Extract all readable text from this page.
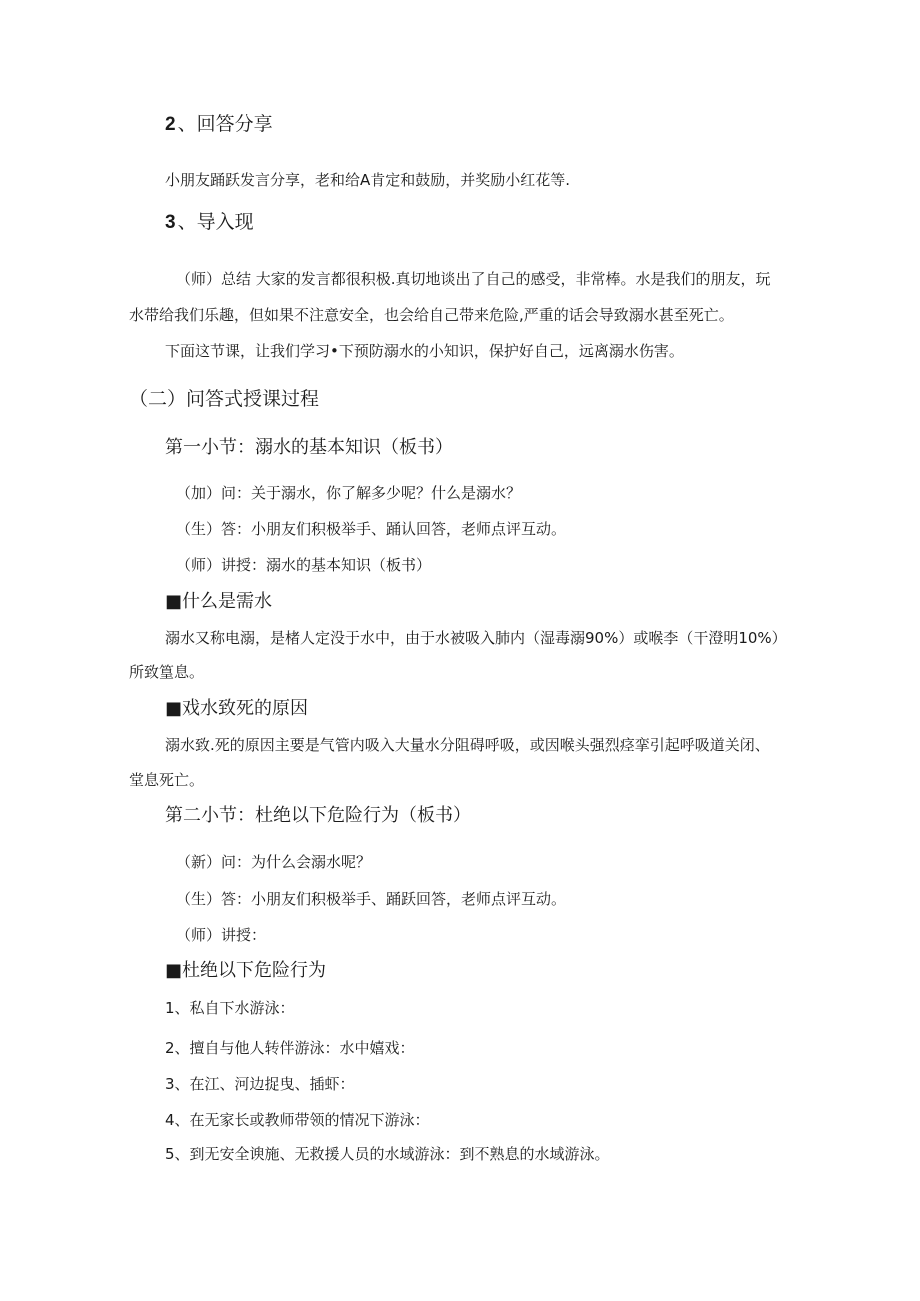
2 、回答分享
小朋友踊跃发言分享，老和给A肯定和鼓励，并奖励小红花等.
3 、导入现
（师）总结 大家的发言都很积极.真切地谈出了自己的感受，非常棒。水是我们的朋友，玩
水带给我们乐趣，但如果不注意安全，也会给自己带来危险,严重的话会导致溺水甚至死亡。
下面这节课，让我们学习•下预防溺水的小知识，保护好自己，远离溺水伤害。
（二）问答式授课过程
第一小节：溺水的基本知识（板书）
（加）问：关于溺水，你了解多少呢？什么是溺水？
（生）答：小朋友们积极举手、踊认回答，老师点评互动。
（师）讲授：溺水的基本知识（板书）
■什么是需水
溺水又称电溺，是楮人定没于水中，由于水被吸入肺内（湿毒溺90%）或喉李（干澄明10%）
所致篁息。
■戏水致死的原因
溺水致.死的原因主要是气管内吸入大量水分阻碍呼吸，或因喉头强烈痉挛引起呼吸道关闭、
堂息死亡。
第二小节：杜绝以下危险行为（板书）
（新）问：为什么会溺水呢？
（生）答：小朋友们积极举手、踊跃回答，老师点评互动。
（师）讲授：
■杜绝以下危险行为
1、私自下水游泳：
2、擅自与他人转伴游泳：水中嬉戏：
3、在江、河边捉曳、插虾：
4、在无家长或教师带领的情况下游泳：
5、到无安全谀施、无救援人员的水域游泳：到不熟息的水域游泳。
